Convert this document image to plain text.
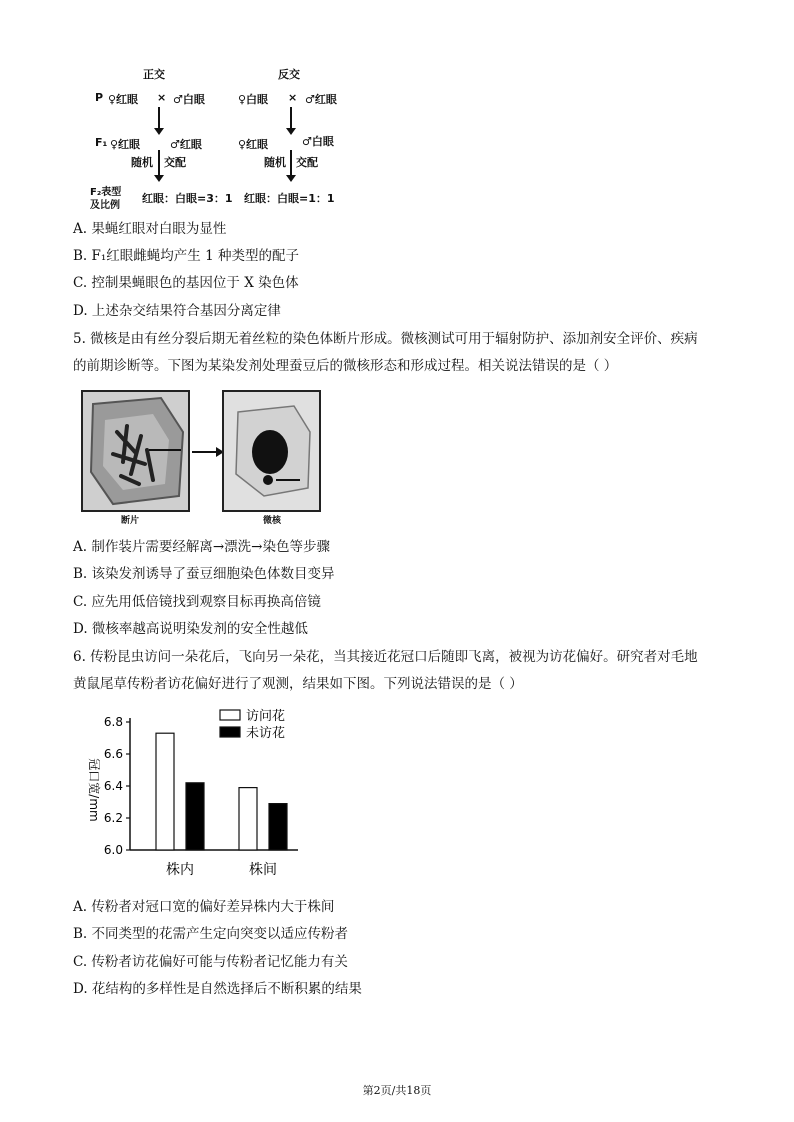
正交	反交
P ♀红眼 × ♂白眼	♀白眼 × ♂红眼
F₁ ♀红眼	♂红眼	♀红眼	♂白眼
随机 交配	随机 交配
F₂表型
及比例
红眼：白眼=3：1 红眼：白眼=1：1
A. 果蝇红眼对白眼为显性
B. F₁红眼雌蝇均产生 1 种类型的配子
C. 控制果蝇眼色的基因位于 X 染色体
D. 上述杂交结果符合基因分离定律
5. 微核是由有丝分裂后期无着丝粒的染色体断片形成。微核测试可用于辐射防护、添加剂安全评价、疾病
的前期诊断等。下图为某染发剂处理蚕豆后的微核形态和形成过程。相关说法错误的是（ ）
断片	微核
A. 制作装片需要经解离→漂洗→染色等步骤
B. 该染发剂诱导了蚕豆细胞染色体数目变异
C. 应先用低倍镜找到观察目标再换高倍镜
D. 微核率越高说明染发剂的安全性越低
6. 传粉昆虫访问一朵花后，飞向另一朵花，当其接近花冠口后随即飞离，被视为访花偏好。研究者对毛地
黄鼠尾草传粉者访花偏好进行了观测，结果如下图。下列说法错误的是（ ）
6.0
6.2
6.4
6.6
6.8
株内	株间
访问花
未访花
冠口宽/mm
A. 传粉者对冠口宽的偏好差异株内大于株间
B. 不同类型的花需产生定向突变以适应传粉者
C. 传粉者访花偏好可能与传粉者记忆能力有关
D. 花结构的多样性是自然选择后不断积累的结果
第2页/共18页
